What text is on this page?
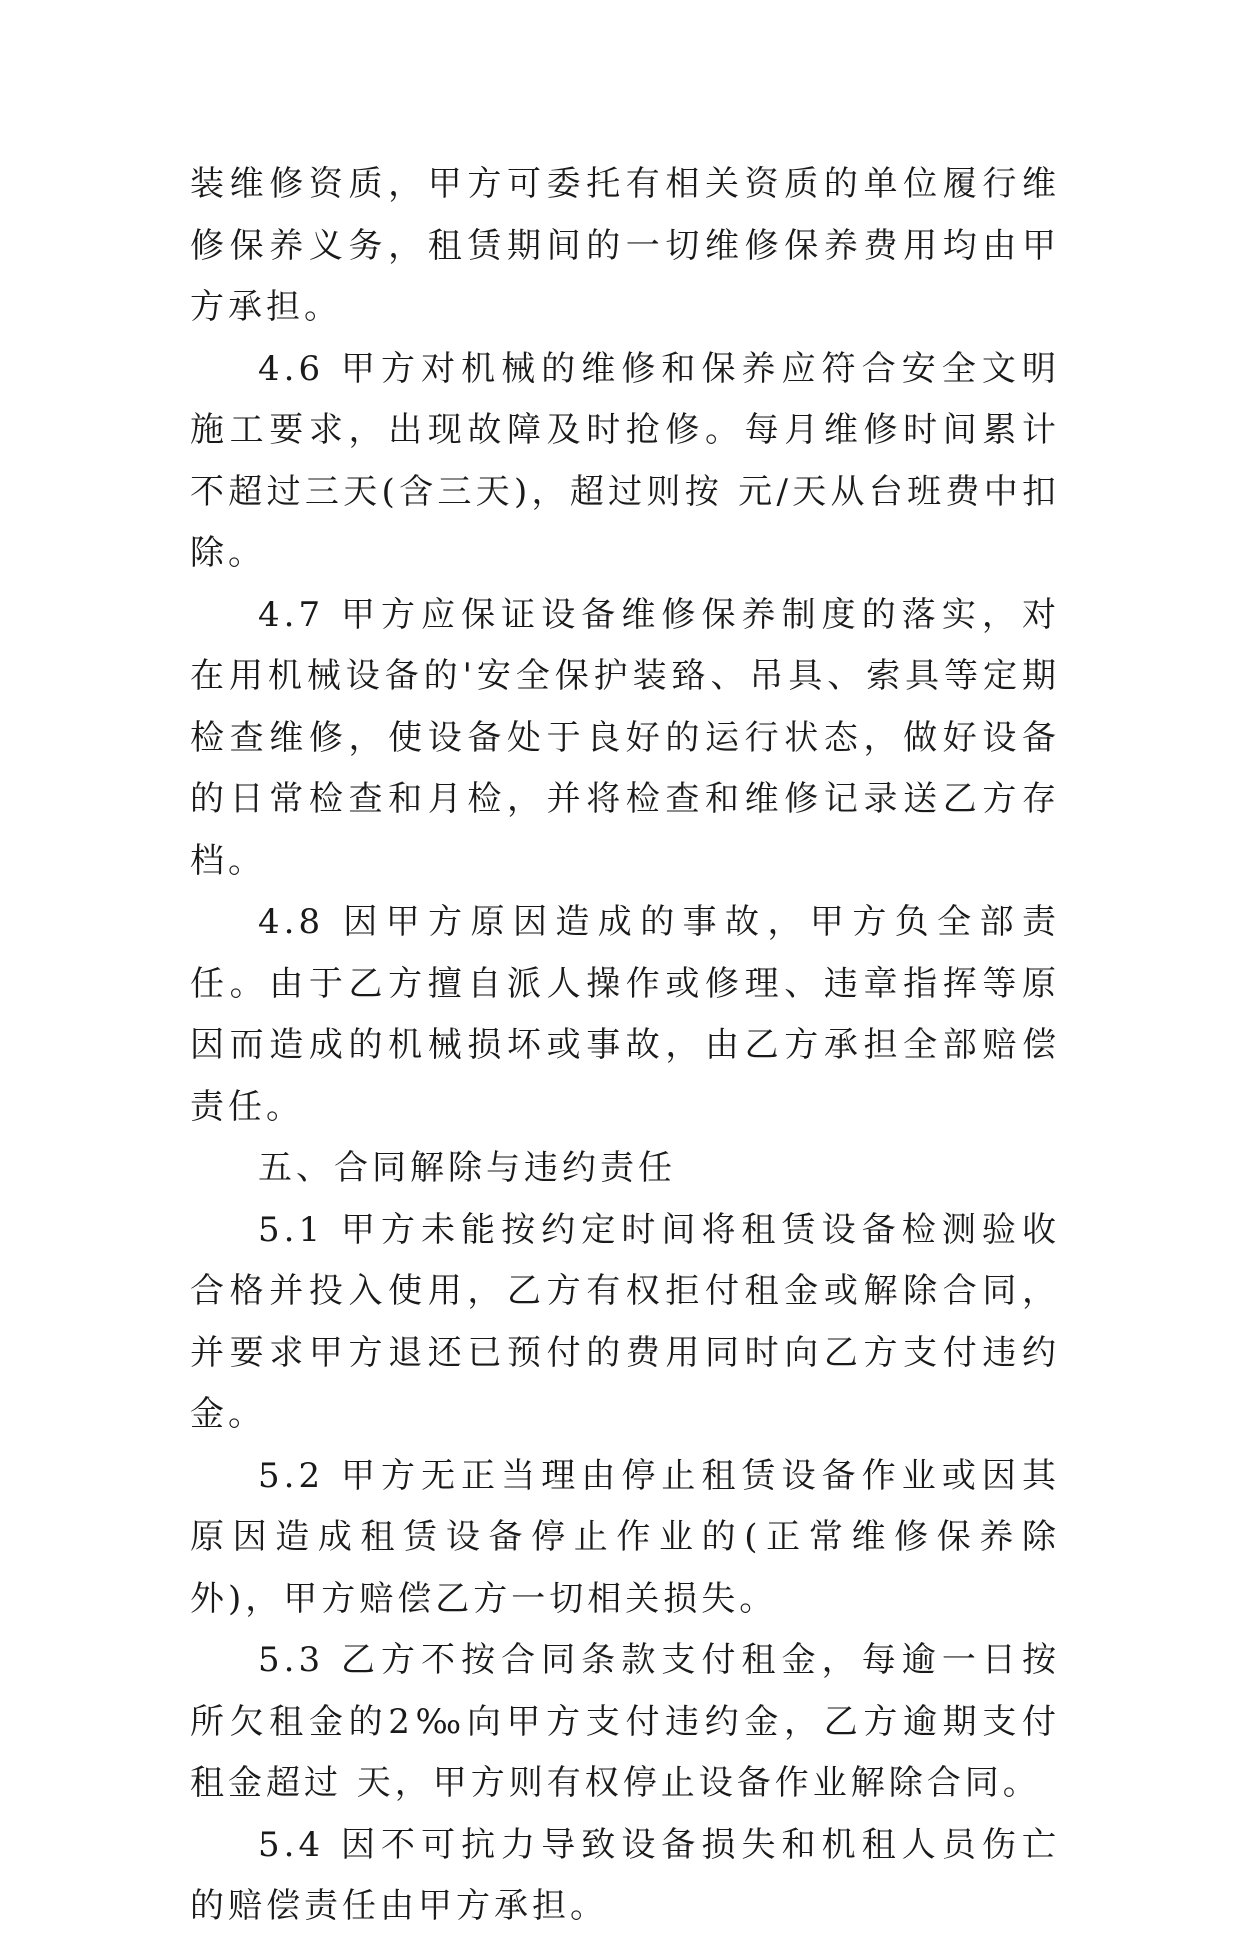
装维修资质，甲方可委托有相关资质的单位履行维修保养义务，租赁期间的一切维修保养费用均由甲方承担。

4.6 甲方对机械的维修和保养应符合安全文明施工要求，出现故障及时抢修。每月维修时间累计不超过三天(含三天)，超过则按 元/天从台班费中扣除。

4.7 甲方应保证设备维修保养制度的落实，对在用机械设备的'安全保护装臵、吊具、索具等定期检查维修，使设备处于良好的运行状态，做好设备的日常检查和月检，并将检查和维修记录送乙方存档。

4.8 因甲方原因造成的事故，甲方负全部责任。由于乙方擅自派人操作或修理、违章指挥等原因而造成的机械损坏或事故，由乙方承担全部赔偿责任。

五、合同解除与违约责任

5.1 甲方未能按约定时间将租赁设备检测验收合格并投入使用，乙方有权拒付租金或解除合同，并要求甲方退还已预付的费用同时向乙方支付违约金。

5.2 甲方无正当理由停止租赁设备作业或因其原因造成租赁设备停止作业的(正常维修保养除外)，甲方赔偿乙方一切相关损失。

5.3 乙方不按合同条款支付租金，每逾一日按所欠租金的2‰向甲方支付违约金，乙方逾期支付租金超过 天，甲方则有权停止设备作业解除合同。

5.4 因不可抗力导致设备损失和机租人员伤亡的赔偿责任由甲方承担。
